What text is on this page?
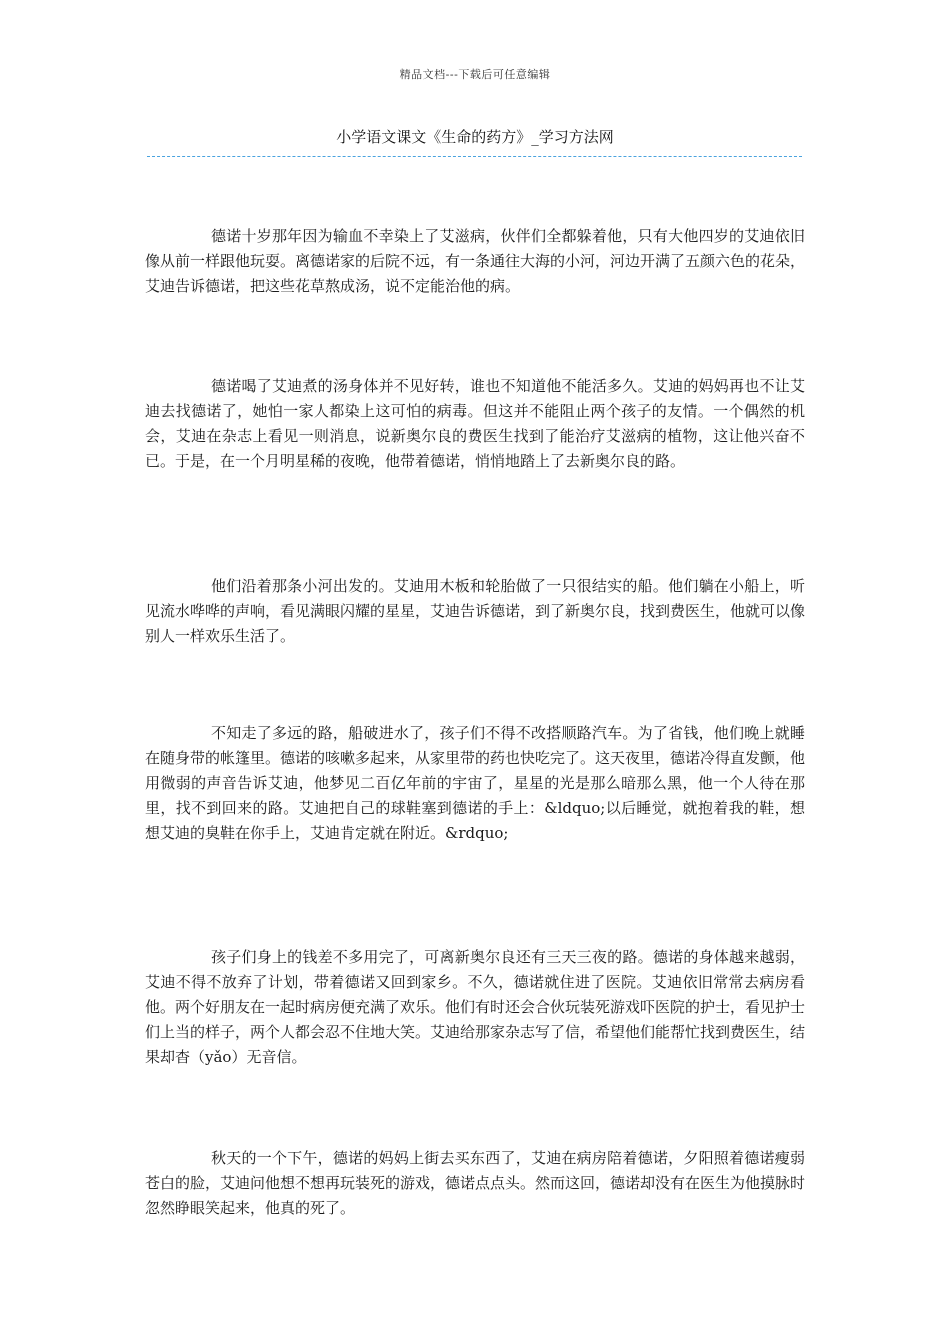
精品文档---下载后可任意编辑
小学语文课文《生命的药方》_学习方法网

德诺十岁那年因为输血不幸染上了艾滋病，伙伴们全都躲着他，只有大他四岁的艾迪依旧像从前一样跟他玩耍。离德诺家的后院不远，有一条通往大海的小河，河边开满了五颜六色的花朵，艾迪告诉德诺，把这些花草熬成汤，说不定能治他的病。

德诺喝了艾迪煮的汤身体并不见好转，谁也不知道他不能活多久。艾迪的妈妈再也不让艾迪去找德诺了，她怕一家人都染上这可怕的病毒。但这并不能阻止两个孩子的友情。一个偶然的机会，艾迪在杂志上看见一则消息，说新奥尔良的费医生找到了能治疗艾滋病的植物，这让他兴奋不已。于是，在一个月明星稀的夜晚，他带着德诺，悄悄地踏上了去新奥尔良的路。

他们沿着那条小河出发的。艾迪用木板和轮胎做了一只很结实的船。他们躺在小船上，听见流水哗哗的声响，看见满眼闪耀的星星，艾迪告诉德诺，到了新奥尔良，找到费医生，他就可以像别人一样欢乐生活了。

不知走了多远的路，船破进水了，孩子们不得不改搭顺路汽车。为了省钱，他们晚上就睡在随身带的帐篷里。德诺的咳嗽多起来，从家里带的药也快吃完了。这天夜里，德诺冷得直发颤，他用微弱的声音告诉艾迪，他梦见二百亿年前的宇宙了，星星的光是那么暗那么黑，他一个人待在那里，找不到回来的路。艾迪把自己的球鞋塞到德诺的手上：&ldquo;以后睡觉，就抱着我的鞋，想想艾迪的臭鞋在你手上，艾迪肯定就在附近。&rdquo;

孩子们身上的钱差不多用完了，可离新奥尔良还有三天三夜的路。德诺的身体越来越弱，艾迪不得不放弃了计划，带着德诺又回到家乡。不久，德诺就住进了医院。艾迪依旧常常去病房看他。两个好朋友在一起时病房便充满了欢乐。他们有时还会合伙玩装死游戏吓医院的护士，看见护士们上当的样子，两个人都会忍不住地大笑。艾迪给那家杂志写了信，希望他们能帮忙找到费医生，结果却杳（yǎo）无音信。

秋天的一个下午，德诺的妈妈上街去买东西了，艾迪在病房陪着德诺，夕阳照着德诺瘦弱苍白的脸，艾迪问他想不想再玩装死的游戏，德诺点点头。然而这回，德诺却没有在医生为他摸脉时忽然睁眼笑起来，他真的死了。
